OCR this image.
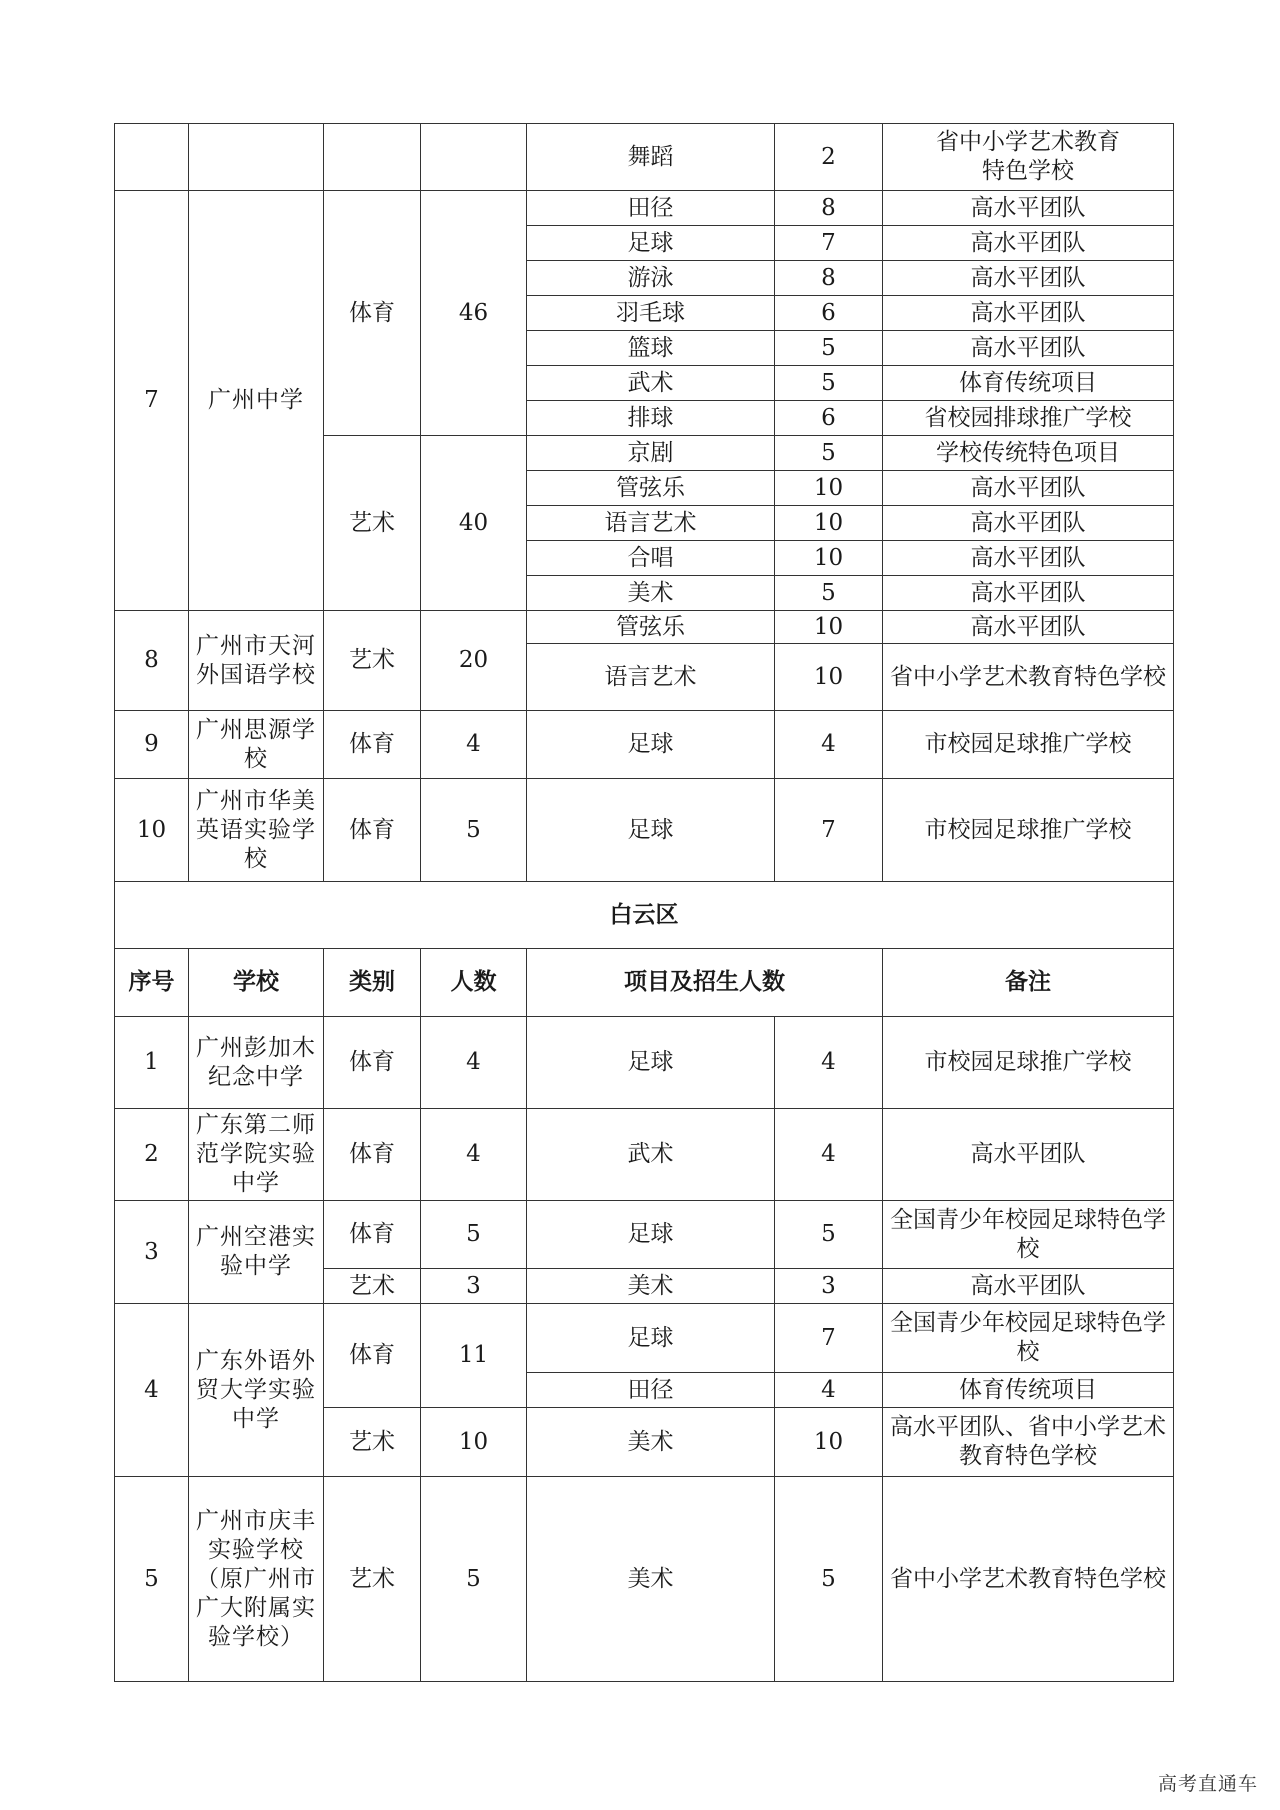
				舞蹈	2	省中小学艺术教育
特色学校
7	广州中学	体育	46	田径	8	高水平团队
				足球	7	高水平团队
				游泳	8	高水平团队
				羽毛球	6	高水平团队
				篮球	5	高水平团队
				武术	5	体育传统项目
				排球	6	省校园排球推广学校
		艺术	40	京剧	5	学校传统特色项目
				管弦乐	10	高水平团队
				语言艺术	10	高水平团队
				合唱	10	高水平团队
				美术	5	高水平团队
8	广州市天河外国语学校	艺术	20	管弦乐	10	高水平团队
				语言艺术	10	省中小学艺术教育特色学校
9	广州思源学校	体育	4	足球	4	市校园足球推广学校
10	广州市华美英语实验学校	体育	5	足球	7	市校园足球推广学校
白云区						
序号	学校	类别	人数	项目及招生人数		备注
1	广州彭加木纪念中学	体育	4	足球	4	市校园足球推广学校
2	广东第二师范学院实验中学	体育	4	武术	4	高水平团队
3	广州空港实验中学	体育	5	足球	5	全国青少年校园足球特色学校
		艺术	3	美术	3	高水平团队
4	广东外语外贸大学实验中学	体育	11	足球	7	全国青少年校园足球特色学校
				田径	4	体育传统项目
		艺术	10	美术	10	高水平团队、省中小学艺术教育特色学校
5	广州市庆丰实验学校（原广州市广大附属实验学校）	艺术	5	美术	5	省中小学艺术教育特色学校
高考直通车
